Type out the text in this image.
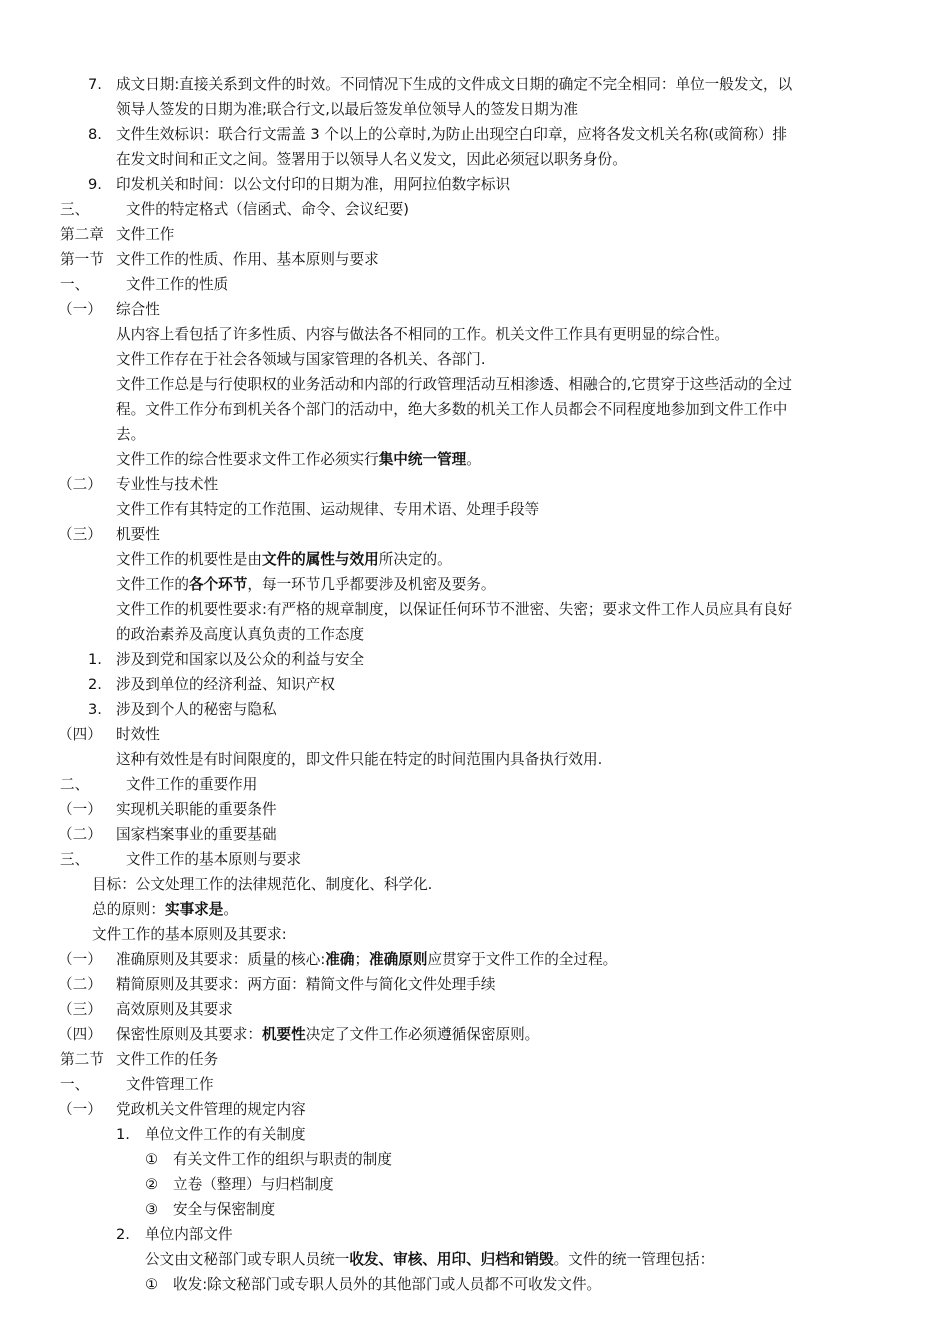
7. 成文日期:直接关系到文件的时效。不同情况下生成的文件成文日期的确定不完全相同：单位一般发文，以
领导人签发的日期为准;联合行文,以最后签发单位领导人的签发日期为准
8. 文件生效标识：联合行文需盖 3 个以上的公章时,为防止出现空白印章，应将各发文机关名称(或简称）排
在发文时间和正文之间。签署用于以领导人名义发文，因此必须冠以职务身份。
9. 印发机关和时间：以公文付印的日期为准，用阿拉伯数字标识
三、	文件的特定格式（信函式、命令、会议纪要)
第二章 文件工作
第一节 文件工作的性质、作用、基本原则与要求
一、	文件工作的性质
（一） 综合性
从内容上看包括了许多性质、内容与做法各不相同的工作。机关文件工作具有更明显的综合性。
文件工作存在于社会各领域与国家管理的各机关、各部门.
文件工作总是与行使职权的业务活动和内部的行政管理活动互相渗透、相融合的,它贯穿于这些活动的全过
程。文件工作分布到机关各个部门的活动中，绝大多数的机关工作人员都会不同程度地参加到文件工作中
去。
文件工作的综合性要求文件工作必须实行集中统一管理。
（二） 专业性与技术性
文件工作有其特定的工作范围、运动规律、专用术语、处理手段等
（三） 机要性
文件工作的机要性是由文件的属性与效用所决定的。
文件工作的各个环节，每一环节几乎都要涉及机密及要务。
文件工作的机要性要求:有严格的规章制度，以保证任何环节不泄密、失密；要求文件工作人员应具有良好
的政治素养及高度认真负责的工作态度
1. 涉及到党和国家以及公众的利益与安全
2. 涉及到单位的经济利益、知识产权
3. 涉及到个人的秘密与隐私
（四） 时效性
这种有效性是有时间限度的，即文件只能在特定的时间范围内具备执行效用.
二、	文件工作的重要作用
（一） 实现机关职能的重要条件
（二） 国家档案事业的重要基础
三、	文件工作的基本原则与要求
目标：公文处理工作的法律规范化、制度化、科学化.
总的原则：实事求是。
文件工作的基本原则及其要求:
（一） 准确原则及其要求：质量的核心:准确；准确原则应贯穿于文件工作的全过程。
（二） 精简原则及其要求：两方面：精简文件与简化文件处理手续
（三） 高效原则及其要求
（四） 保密性原则及其要求：机要性决定了文件工作必须遵循保密原则。
第二节 文件工作的任务
一、	文件管理工作
（一） 党政机关文件管理的规定内容
1. 单位文件工作的有关制度
① 有关文件工作的组织与职责的制度
② 立卷（整理）与归档制度
③ 安全与保密制度
2. 单位内部文件
公文由文秘部门或专职人员统一收发、审核、用印、归档和销毁。文件的统一管理包括：
① 收发:除文秘部门或专职人员外的其他部门或人员都不可收发文件。
